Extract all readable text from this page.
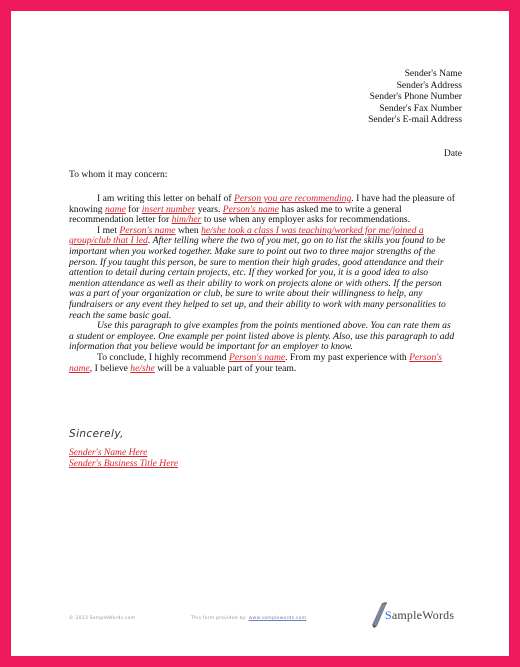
Sender's Name
Sender's Address
Sender's Phone Number
Sender's Fax Number
Sender's E-mail Address
Date
To whom it may concern:

I am writing this letter on behalf of Person you are recommending. I have had the pleasure of knowing name for insert number years. Person's name has asked me to write a general recommendation letter for him/her to use when any employer asks for recommendations.

I met Person's name when he/she took a class I was teaching/worked for me/joined a group/club that I led. After telling where the two of you met, go on to list the skills you found to be important when you worked together. Make sure to point out two to three major strengths of the person. If you taught this person, be sure to mention their high grades, good attendance and their attention to detail during certain projects, etc. If they worked for you, it is a good idea to also mention attendance as well as their ability to work on projects alone or with others. If the person was a part of your organization or club, be sure to write about their willingness to help, any fundraisers or any event they helped to set up, and their ability to work with many personalities to reach the same basic goal.

Use this paragraph to give examples from the points mentioned above. You can rate them as a student or employee. One example per point listed above is plenty. Also, use this paragraph to add information that you believe would be important for an employer to know.

To conclude, I highly recommend Person's name. From my past experience with Person's name, I believe he/she will be a valuable part of your team.

Sincerely,
Sender's Name Here
Sender's Business Title Here
© 2013 SampleWords.com	This form provided by: www.samplewords.com	SampleWords
